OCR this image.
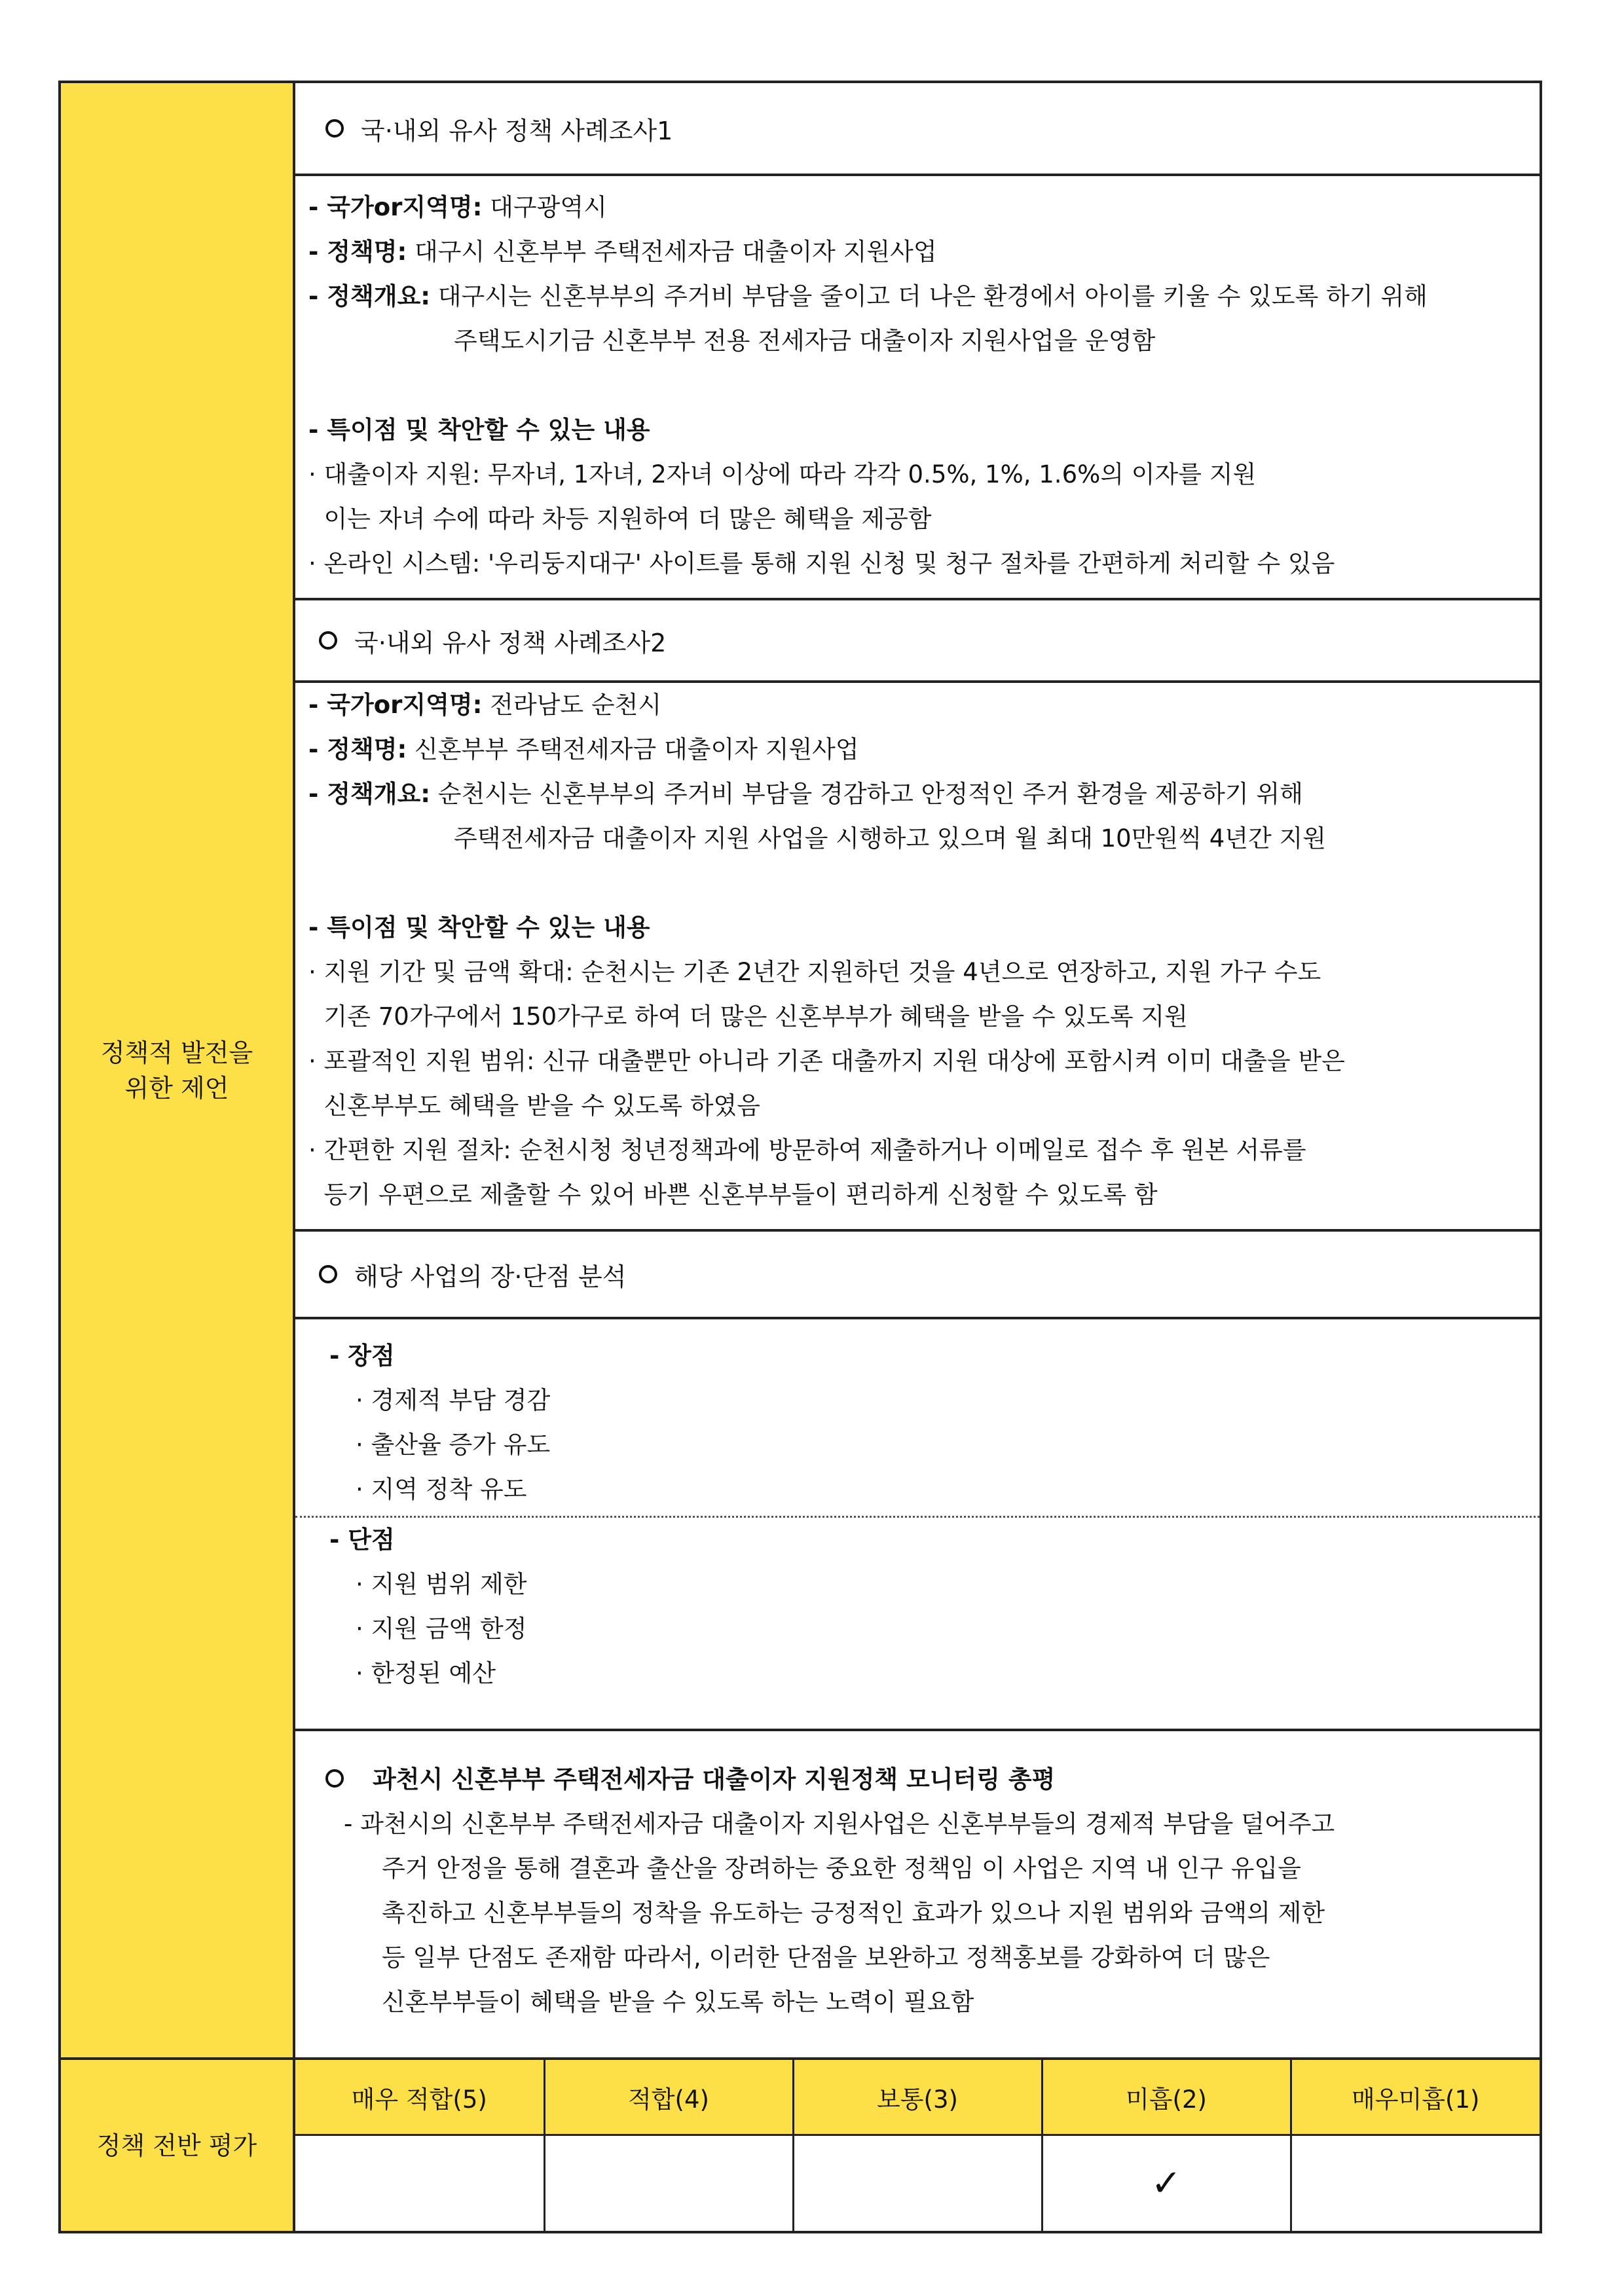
정책적 발전을
위한 제언	
국·내외 유사 정책 사례조사1
- 국가or지역명: 대구광역시
- 정책명: 대구시 신혼부부 주택전세자금 대출이자 지원사업
- 정책개요: 대구시는 신혼부부의 주거비 부담을 줄이고 더 나은 환경에서 아이를 키울 수 있도록 하기 위해
주택도시기금 신혼부부 전용 전세자금 대출이자 지원사업을 운영함
- 특이점 및 착안할 수 있는 내용
· 대출이자 지원: 무자녀, 1자녀, 2자녀 이상에 따라 각각 0.5%, 1%, 1.6%의 이자를 지원
이는 자녀 수에 따라 차등 지원하여 더 많은 혜택을 제공함
· 온라인 시스템: '우리둥지대구' 사이트를 통해 지원 신청 및 청구 절차를 간편하게 처리할 수 있음
국·내외 유사 정책 사례조사2
- 국가or지역명: 전라남도 순천시
- 정책명: 신혼부부 주택전세자금 대출이자 지원사업
- 정책개요: 순천시는 신혼부부의 주거비 부담을 경감하고 안정적인 주거 환경을 제공하기 위해
주택전세자금 대출이자 지원 사업을 시행하고 있으며 월 최대 10만원씩 4년간 지원
- 특이점 및 착안할 수 있는 내용
· 지원 기간 및 금액 확대: 순천시는 기존 2년간 지원하던 것을 4년으로 연장하고, 지원 가구 수도
기존 70가구에서 150가구로 하여 더 많은 신혼부부가 혜택을 받을 수 있도록 지원
· 포괄적인 지원 범위: 신규 대출뿐만 아니라 기존 대출까지 지원 대상에 포함시켜 이미 대출을 받은
신혼부부도 혜택을 받을 수 있도록 하였음
· 간편한 지원 절차: 순천시청 청년정책과에 방문하여 제출하거나 이메일로 접수 후 원본 서류를
등기 우편으로 제출할 수 있어 바쁜 신혼부부들이 편리하게 신청할 수 있도록 함
해당 사업의 장·단점 분석
- 장점
· 경제적 부담 경감
· 출산율 증가 유도
· 지역 정착 유도
- 단점
· 지원 범위 제한
· 지원 금액 한정
· 한정된 예산
과천시 신혼부부 주택전세자금 대출이자 지원정책 모니터링 총평
- 과천시의 신혼부부 주택전세자금 대출이자 지원사업은 신혼부부들의 경제적 부담을 덜어주고
주거 안정을 통해 결혼과 출산을 장려하는 중요한 정책임 이 사업은 지역 내 인구 유입을
촉진하고 신혼부부들의 정착을 유도하는 긍정적인 효과가 있으나 지원 범위와 금액의 제한
등 일부 단점도 존재함 따라서, 이러한 단점을 보완하고 정책홍보를 강화하여 더 많은
신혼부부들이 혜택을 받을 수 있도록 하는 노력이 필요함

정책 전반 평가	
매우 적합(5)	적합(4)	보통(3)	미흡(2)	매우미흡(1)
			✓	
